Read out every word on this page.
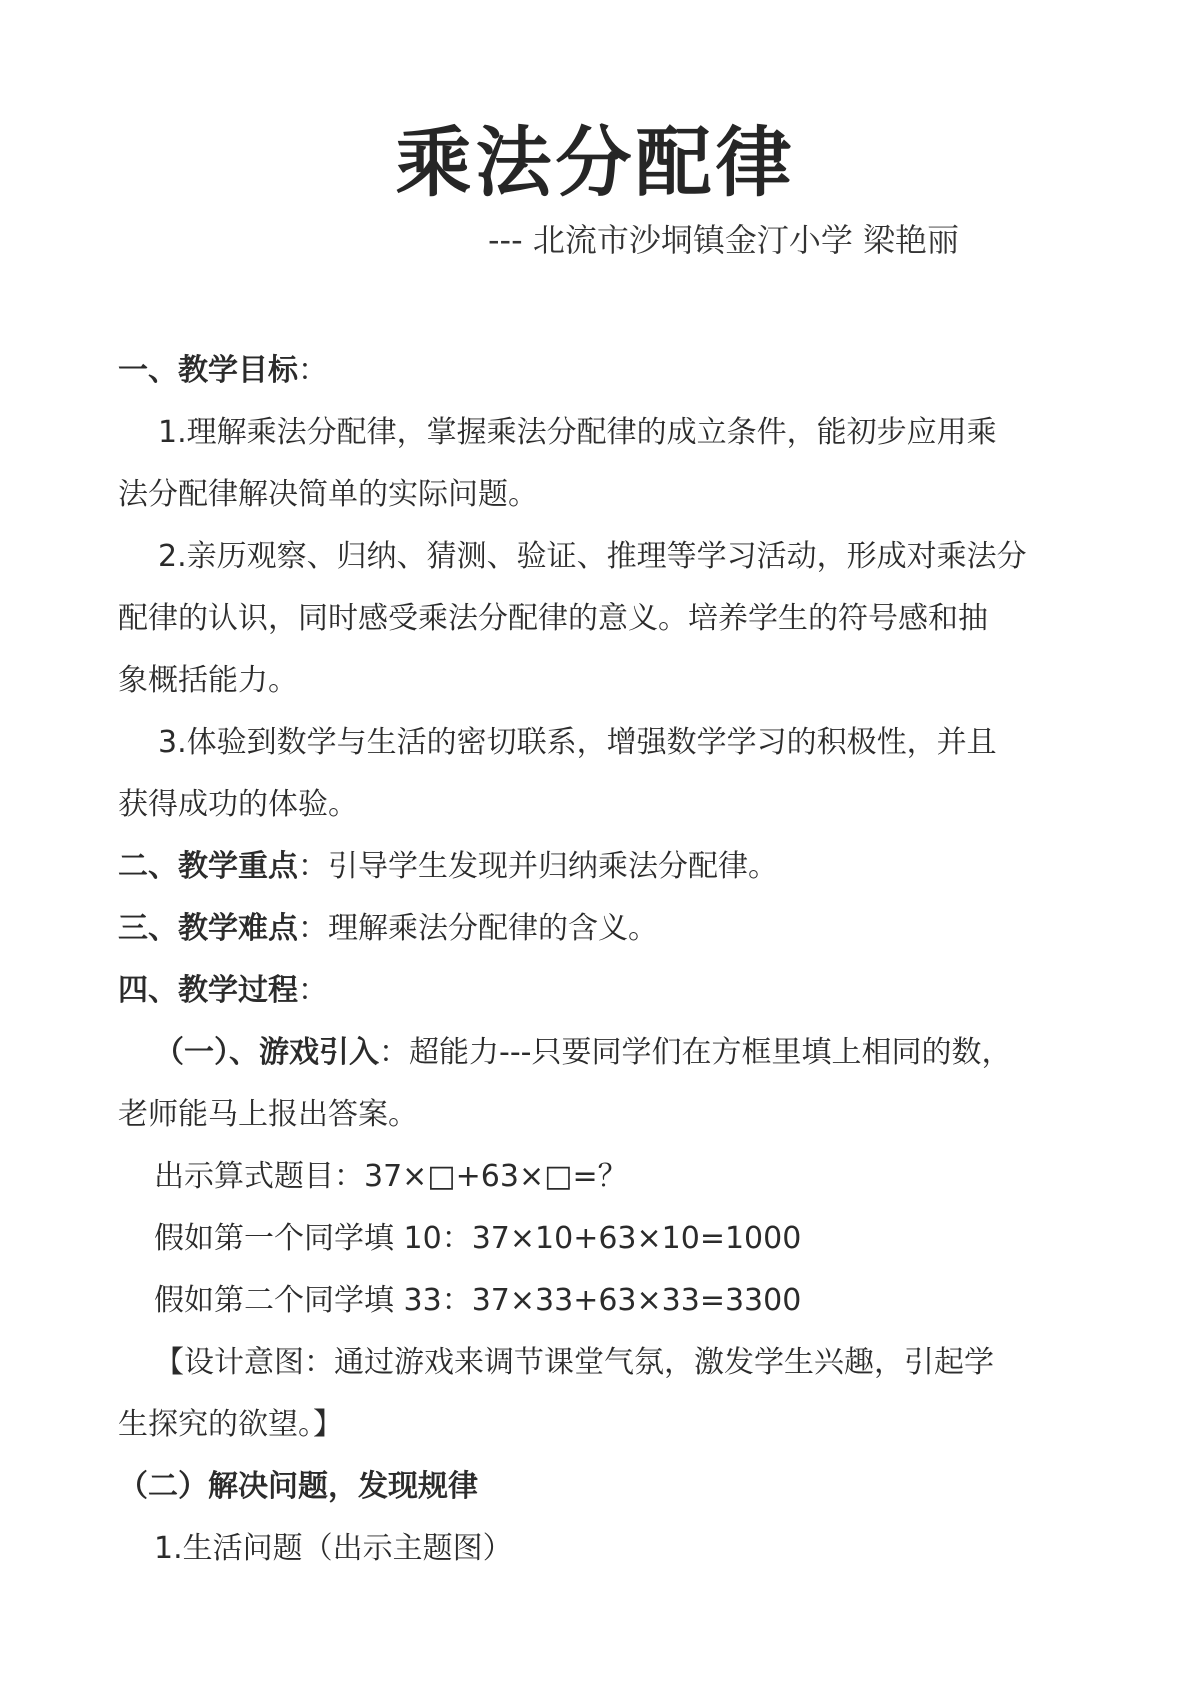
乘法分配律
--- 北流市沙垌镇金汀小学 梁艳丽
一、教学目标：
1.理解乘法分配律，掌握乘法分配律的成立条件，能初步应用乘
法分配律解决简单的实际问题。
2.亲历观察、归纳、猜测、验证、推理等学习活动，形成对乘法分
配律的认识，同时感受乘法分配律的意义。培养学生的符号感和抽
象概括能力。
3.体验到数学与生活的密切联系，增强数学学习的积极性，并且
获得成功的体验。
二、教学重点：引导学生发现并归纳乘法分配律。
三、教学难点：理解乘法分配律的含义。
四、教学过程：
（一）、游戏引入：超能力---只要同学们在方框里填上相同的数，
老师能马上报出答案。
出示算式题目：37×□+63×□=？
假如第一个同学填 10：37×10+63×10=1000
假如第二个同学填 33：37×33+63×33=3300
【设计意图：通过游戏来调节课堂气氛，激发学生兴趣，引起学
生探究的欲望。】
（二）解决问题，发现规律
1.生活问题（出示主题图）
